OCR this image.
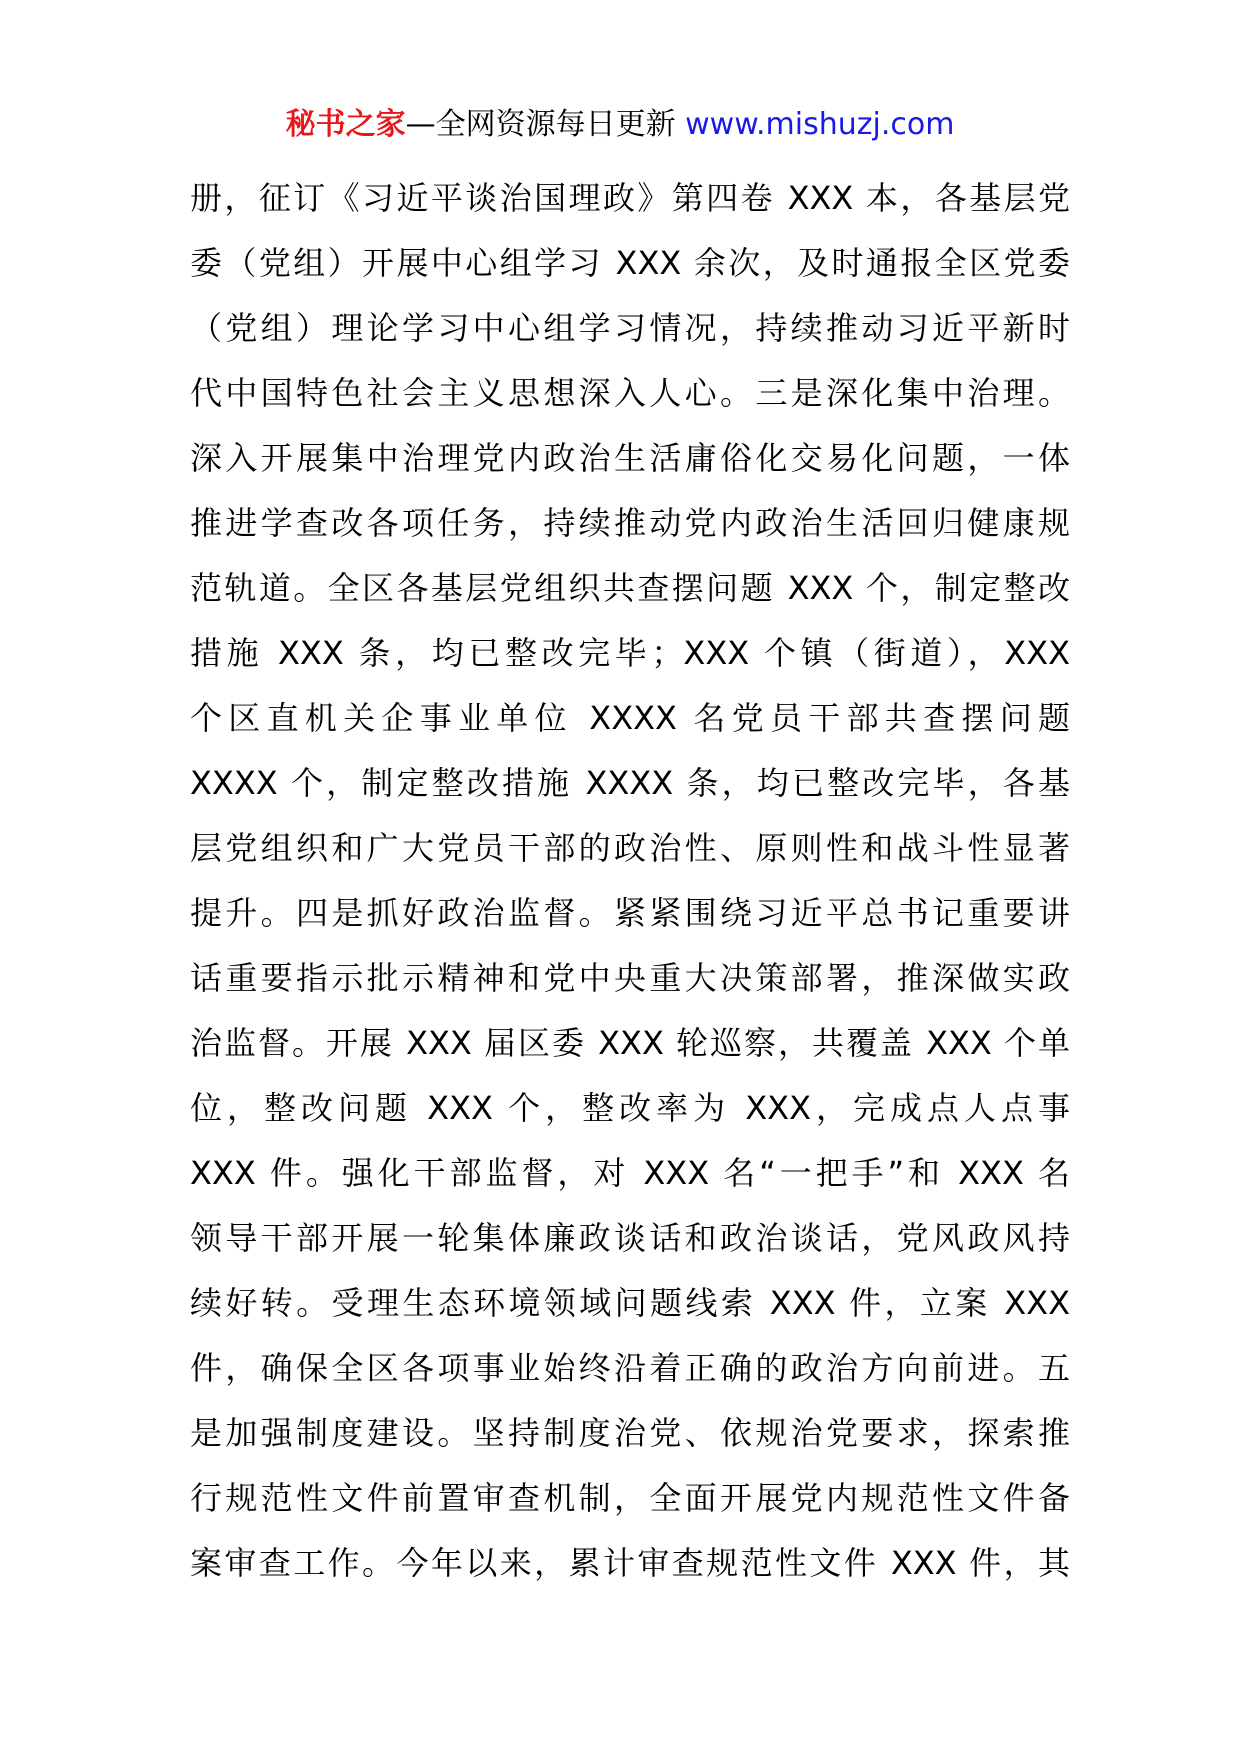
秘书之家—全网资源每日更新 www.mishuzj.com
册，征订《习近平谈治国理政》第四卷 XXX 本，各基层党
委（党组）开展中心组学习 XXX 余次，及时通报全区党委
（党组）理论学习中心组学习情况，持续推动习近平新时
代中国特色社会主义思想深入人心。三是深化集中治理。
深入开展集中治理党内政治生活庸俗化交易化问题，一体
推进学查改各项任务，持续推动党内政治生活回归健康规
范轨道。全区各基层党组织共查摆问题 XXX 个，制定整改
措施 XXX 条，均已整改完毕；XXX 个镇（街道），XXX
个区直机关企事业单位 XXXX 名党员干部共查摆问题
XXXX 个，制定整改措施 XXXX 条，均已整改完毕，各基
层党组织和广大党员干部的政治性、原则性和战斗性显著
提升。四是抓好政治监督。紧紧围绕习近平总书记重要讲
话重要指示批示精神和党中央重大决策部署，推深做实政
治监督。开展 XXX 届区委 XXX 轮巡察，共覆盖 XXX 个单
位，整改问题 XXX 个，整改率为 XXX，完成点人点事
XXX 件。强化干部监督，对 XXX 名“一把手”和 XXX 名
领导干部开展一轮集体廉政谈话和政治谈话，党风政风持
续好转。受理生态环境领域问题线索 XXX 件，立案 XXX
件，确保全区各项事业始终沿着正确的政治方向前进。五
是加强制度建设。坚持制度治党、依规治党要求，探索推
行规范性文件前置审查机制，全面开展党内规范性文件备
案审查工作。今年以来，累计审查规范性文件 XXX 件，其
